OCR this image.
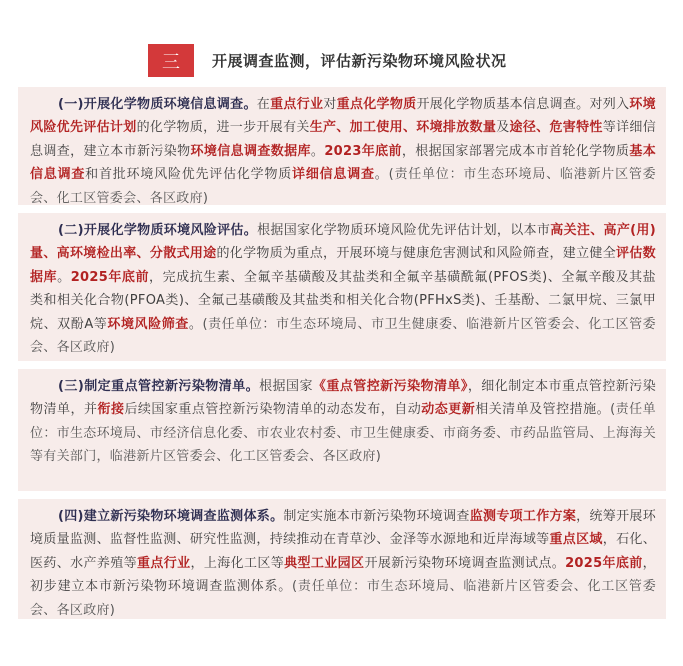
三	开展调查监测，评估新污染物环境风险状况

(一)开展化学物质环境信息调查。在重点行业对重点化学物质开展化学物质基本信息调查。对列入环境风险优先评估计划的化学物质，进一步开展有关生产、加工使用、环境排放数量及途径、危害特性等详细信息调查，建立本市新污染物环境信息调查数据库。2023年底前，根据国家部署完成本市首轮化学物质基本信息调查和首批环境风险优先评估化学物质详细信息调查。(责任单位：市生态环境局、临港新片区管委会、化工区管委会、各区政府)

(二)开展化学物质环境风险评估。根据国家化学物质环境风险优先评估计划，以本市高关注、高产(用)量、高环境检出率、分散式用途的化学物质为重点，开展环境与健康危害测试和风险筛查，建立健全评估数据库。2025年底前，完成抗生素、全氟辛基磺酸及其盐类和全氟辛基磺酰氟(PFOS类)、全氟辛酸及其盐类和相关化合物(PFOA类)、全氟己基磺酸及其盐类和相关化合物(PFHxS类)、壬基酚、二氯甲烷、三氯甲烷、双酚A等环境风险筛查。(责任单位：市生态环境局、市卫生健康委、临港新片区管委会、化工区管委会、各区政府)

(三)制定重点管控新污染物清单。根据国家《重点管控新污染物清单》，细化制定本市重点管控新污染物清单，并衔接后续国家重点管控新污染物清单的动态发布，自动动态更新相关清单及管控措施。(责任单位：市生态环境局、市经济信息化委、市农业农村委、市卫生健康委、市商务委、市药品监管局、上海海关等有关部门，临港新片区管委会、化工区管委会、各区政府)

(四)建立新污染物环境调查监测体系。制定实施本市新污染物环境调查监测专项工作方案，统筹开展环境质量监测、监督性监测、研究性监测，持续推动在青草沙、金泽等水源地和近岸海域等重点区域，石化、医药、水产养殖等重点行业，上海化工区等典型工业园区开展新污染物环境调查监测试点。2025年底前，初步建立本市新污染物环境调查监测体系。(责任单位：市生态环境局、临港新片区管委会、化工区管委会、各区政府)
